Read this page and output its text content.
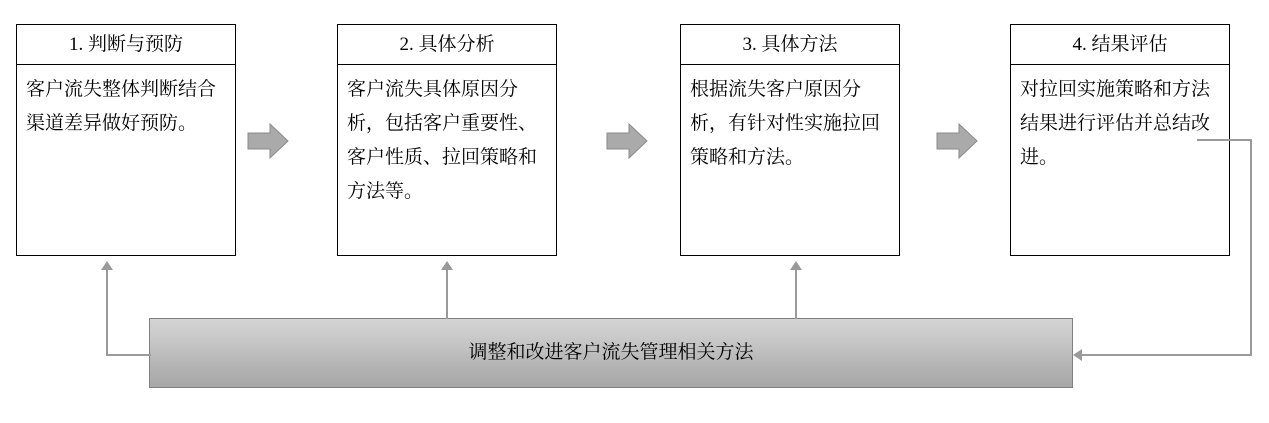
1. 判断与预防
客户流失整体判断结合渠道差异做好预防。
2. 具体分析
客户流失具体原因分析，包括客户重要性、客户性质、拉回策略和方法等。
3. 具体方法
根据流失客户原因分析，有针对性实施拉回策略和方法。
4. 结果评估
对拉回实施策略和方法结果进行评估并总结改进。
调整和改进客户流失管理相关方法
